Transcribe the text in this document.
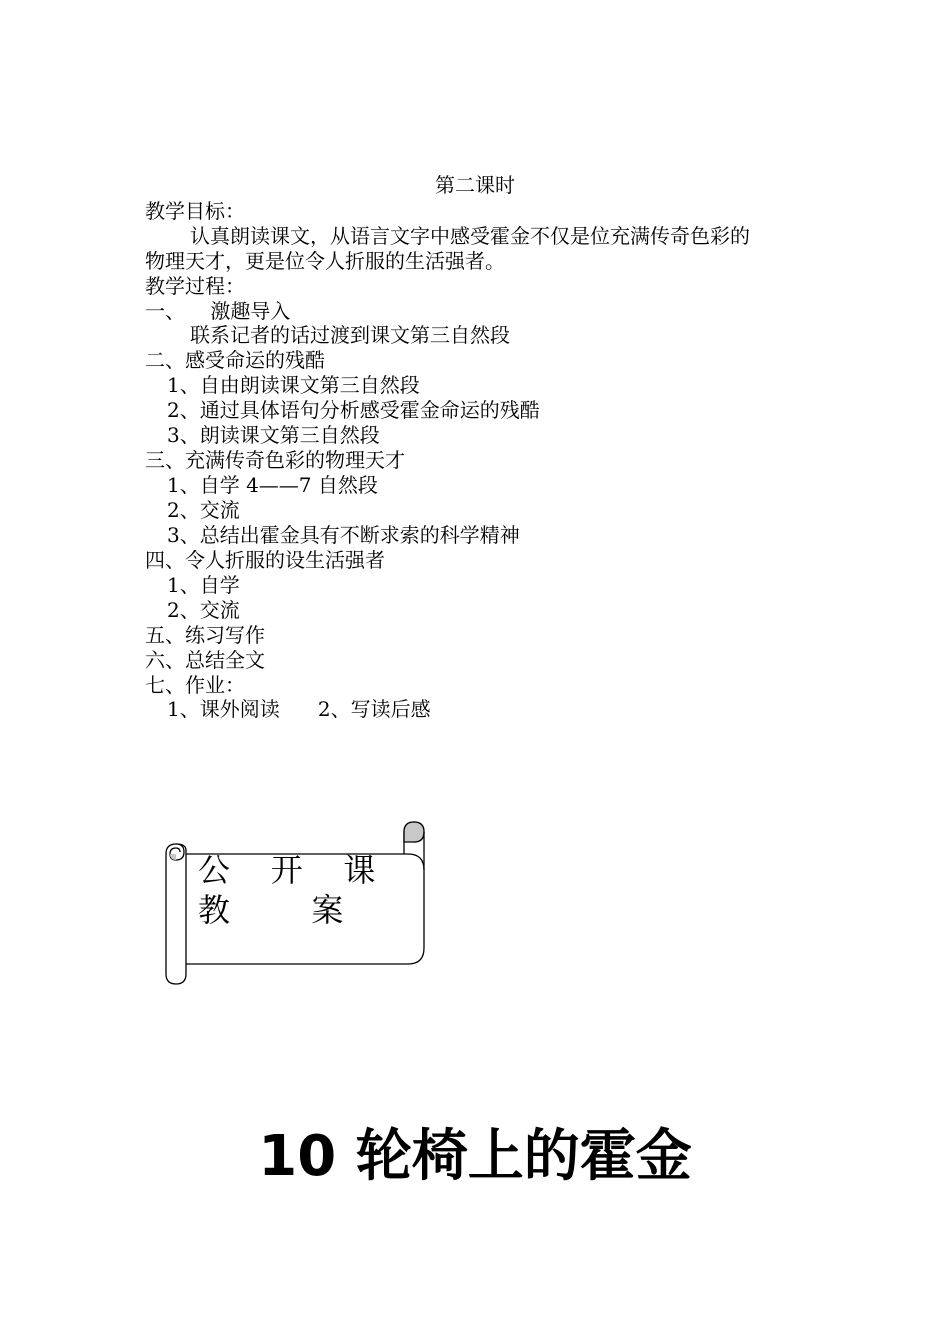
第二课时
教学目标：
认真朗读课文，从语言文字中感受霍金不仅是位充满传奇色彩的
物理天才，更是位令人折服的生活强者。
教学过程：
一、    激趣导入
联系记者的话过渡到课文第三自然段
二、感受命运的残酷
1、自由朗读课文第三自然段
2、通过具体语句分析感受霍金命运的残酷
3、朗读课文第三自然段
三、充满传奇色彩的物理天才
1、自学 4——7 自然段
2、交流
3、总结出霍金具有不断求索的科学精神
四、令人折服的设生活强者
1、自学
2、交流
五、练习写作
六、总结全文
七、作业：
1、课外阅读      2、写读后感
公    开    课
教        案
10 轮椅上的霍金
